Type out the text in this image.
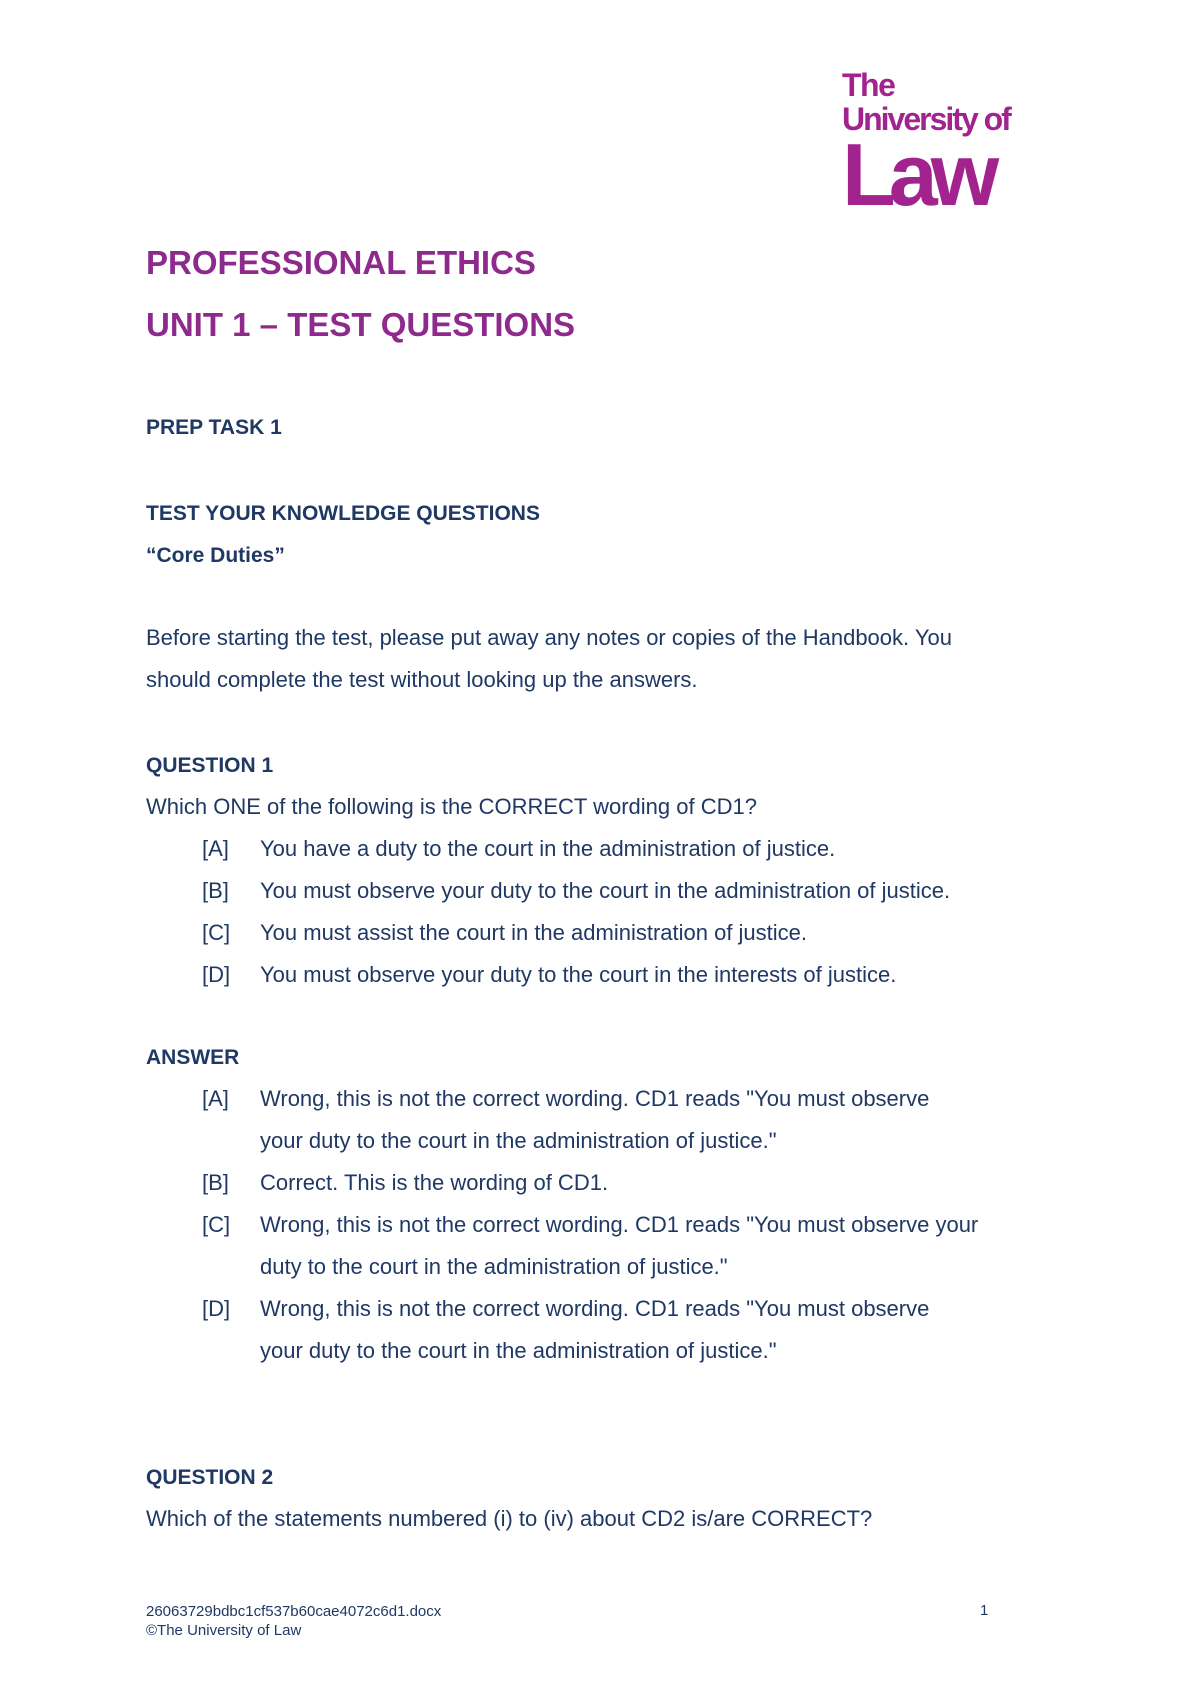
The
University of
Law
PROFESSIONAL ETHICS
UNIT 1 – TEST QUESTIONS
PREP TASK 1
TEST YOUR KNOWLEDGE QUESTIONS
“Core Duties”
Before starting the test, please put away any notes or copies of the Handbook. You
should complete the test without looking up the answers.
QUESTION 1
Which ONE of the following is the CORRECT wording of CD1?
[A] You have a duty to the court in the administration of justice.
[B] You must observe your duty to the court in the administration of justice.
[C] You must assist the court in the administration of justice.
[D] You must observe your duty to the court in the interests of justice.
ANSWER
[A] Wrong, this is not the correct wording. CD1 reads "You must observe
your duty to the court in the administration of justice."
[B] Correct. This is the wording of CD1.
[C] Wrong, this is not the correct wording. CD1 reads "You must observe your
duty to the court in the administration of justice."
[D] Wrong, this is not the correct wording. CD1 reads "You must observe
your duty to the court in the administration of justice."
QUESTION 2
Which of the statements numbered (i) to (iv) about CD2 is/are CORRECT?
26063729bdbc1cf537b60cae4072c6d1.docx
©The University of Law
1
